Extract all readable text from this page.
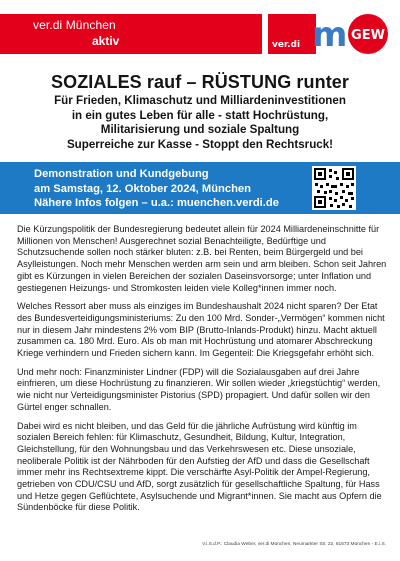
ver.di München
aktiv	ver.di m GEW
SOZIALES rauf – RÜSTUNG runter
Für Frieden, Klimaschutz und Milliardeninvestitionen
in ein gutes Leben für alle - statt Hochrüstung,
Militarisierung und soziale Spaltung
Superreiche zur Kasse - Stoppt den Rechtsruck!
Demonstration und Kundgebung
am Samstag, 12. Oktober 2024, München
Nähere Infos folgen – u.a.: muenchen.verdi.de

Die Kürzungspolitik der Bundesregierung bedeutet allein für 2024 Milliardeneinschnitte für Millionen von Menschen! Ausgerechnet sozial Benachteiligte, Bedürftige und Schutzsuchende sollen noch stärker bluten: z.B. bei Renten, beim Bürgergeld und bei Asylleistungen. Noch mehr Menschen werden arm sein und arm bleiben. Schon seit Jahren gibt es Kürzungen in vielen Bereichen der sozialen Daseinsvorsorge; unter Inflation und gestiegenen Heizungs- und Stromkosten leiden viele Kolleg*innen immer noch.

Welches Ressort aber muss als einziges im Bundeshaushalt 2024 nicht sparen? Der Etat des Bundesverteidigungsministeriums: Zu den 100 Mrd. Sonder-„Vermögen“ kommen nicht nur in diesem Jahr mindestens 2% vom BIP (Brutto-Inlands-Produkt) hinzu. Macht aktuell zusammen ca. 180 Mrd. Euro. Als ob man mit Hochrüstung und atomarer Abschreckung Kriege verhindern und Frieden sichern kann. Im Gegenteil: Die Kriegsgefahr erhöht sich.

Und mehr noch: Finanzminister Lindner (FDP) will die Sozialausgaben auf drei Jahre einfrieren, um diese Hochrüstung zu finanzieren. Wir sollen wieder „kriegstüchtig“ werden, wie nicht nur Verteidigungsminister Pistorius (SPD) propagiert. Und dafür sollen wir den Gürtel enger schnallen.

Dabei wird es nicht bleiben, und das Geld für die jährliche Aufrüstung wird künftig im sozialen Bereich fehlen: für Klimaschutz, Gesundheit, Bildung, Kultur, Integration, Gleichstellung, für den Wohnungsbau und das Verkehrswesen etc. Diese unsoziale, neoliberale Politik ist der Nährboden für den Aufstieg der AfD und dass die Gesellschaft immer mehr ins Rechtsextreme kippt. Die verschärfte Asyl-Politik der Ampel-Regierung, getrieben von CDU/CSU und AfD, sorgt zusätzlich für gesellschaftliche Spaltung, für Hass und Hetze gegen Geflüchtete, Asylsuchende und Migrant*innen. Sie macht aus Opfern die Sündenböcke für diese Politik.

V.i.S.d.P.: Claudia Weber, ver.di München, Neumarkter Str. 22, 81673 München - E.i.S.
